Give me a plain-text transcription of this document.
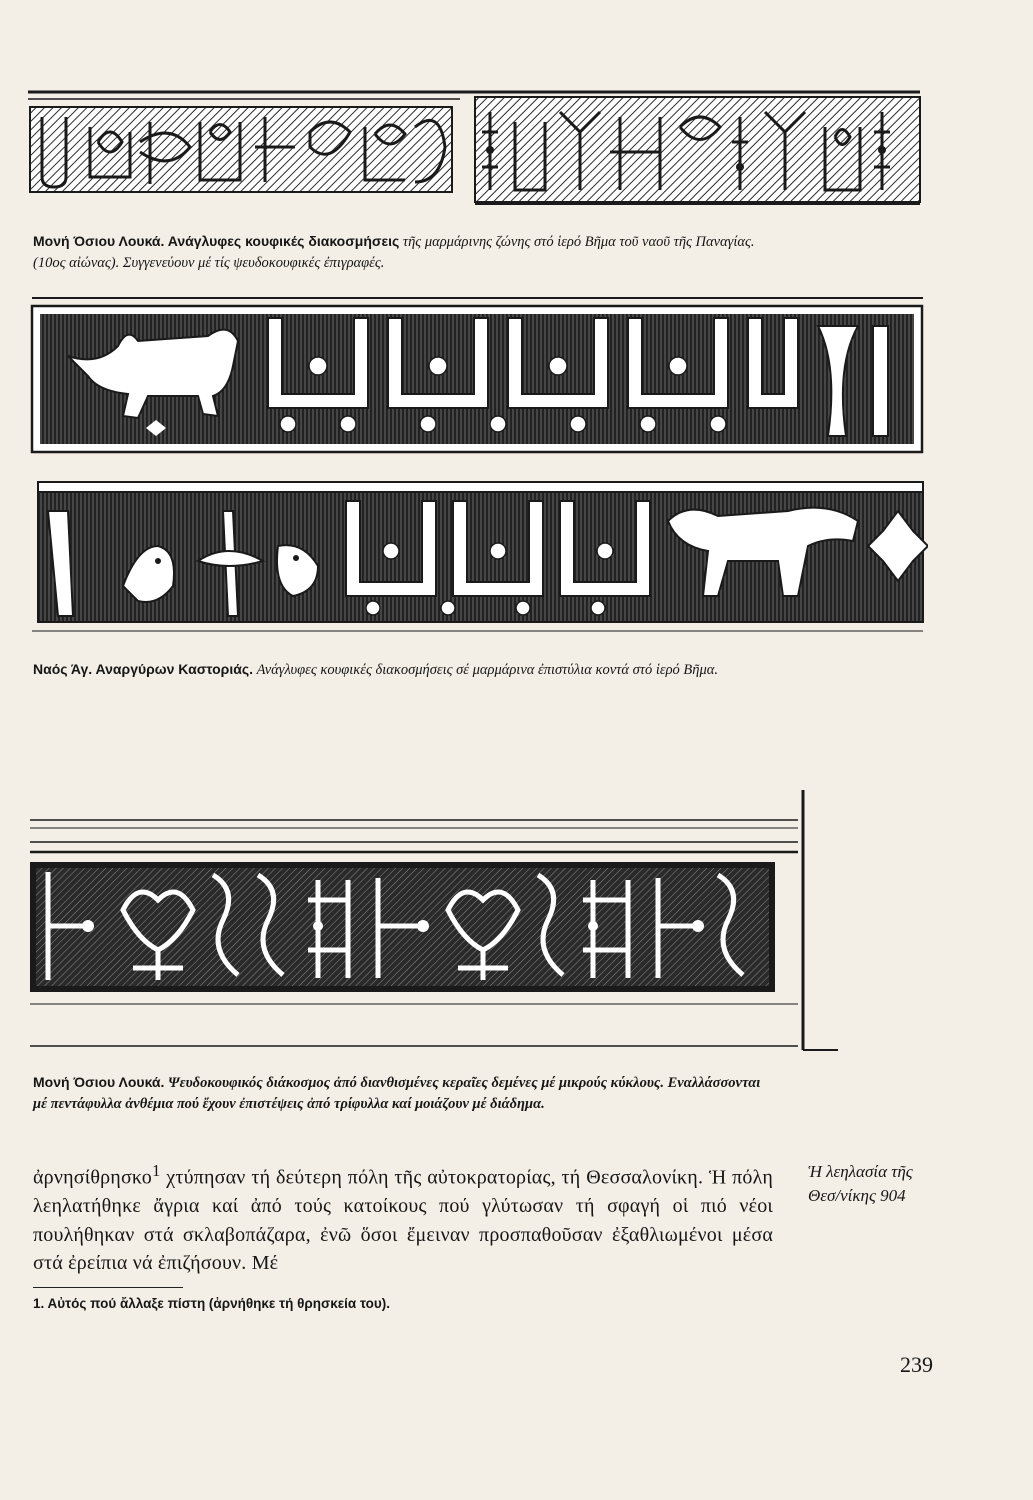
Μονή Όσιου Λουκά. Ανάγλυφες κουφικές διακοσμήσεις τῆς μαρμάρινης ζώνης στό ἱερό Βῆμα τοῦ ναοῦ τῆς Παναγίας. (10ος αἰώνας). Συγγενεύουν μέ τίς ψευδοκουφικές ἐπιγραφές.
Ναός Άγ. Αναργύρων Καστοριάς. Ανάγλυφες κουφικές διακοσμήσεις σέ μαρμάρινα ἐπιστύλια κοντά στό ἱερό Βῆμα.
Μονή Όσιου Λουκά. Ψευδοκουφικός διάκοσμος ἀπό διανθισμένες κεραῖες δεμένες μέ μικρούς κύκλους. Εναλλάσσονται μέ πεντάφυλλα ἀνθέμια πού ἔχουν ἐπιστέψεις ἀπό τρίφυλλα καί μοιάζουν μέ διάδημα.
ἀρνησίθρησκο$^1$ χτύπησαν τή δεύτερη πόλη τῆς αὐτοκρατορίας, τή Θεσσαλονίκη. Ἡ πόλη λεηλατήθηκε ἄγρια καί ἀπό τούς κατοίκους πού γλύτωσαν τή σφαγή οἱ πιό νέοι πουλήθηκαν στά σκλαβοπάζαρα, ἐνῶ ὅσοι ἔμειναν προσπαθοῦσαν ἐξαθλιωμένοι μέσα στά ἐρείπια νά ἐπιζήσουν. Μέ
Ἡ λεηλασία τῆς
Θεσ/νίκης 904
1. Αὐτός πού ἄλλαξε πίστη (ἀρνήθηκε τή θρησκεία του).
239
